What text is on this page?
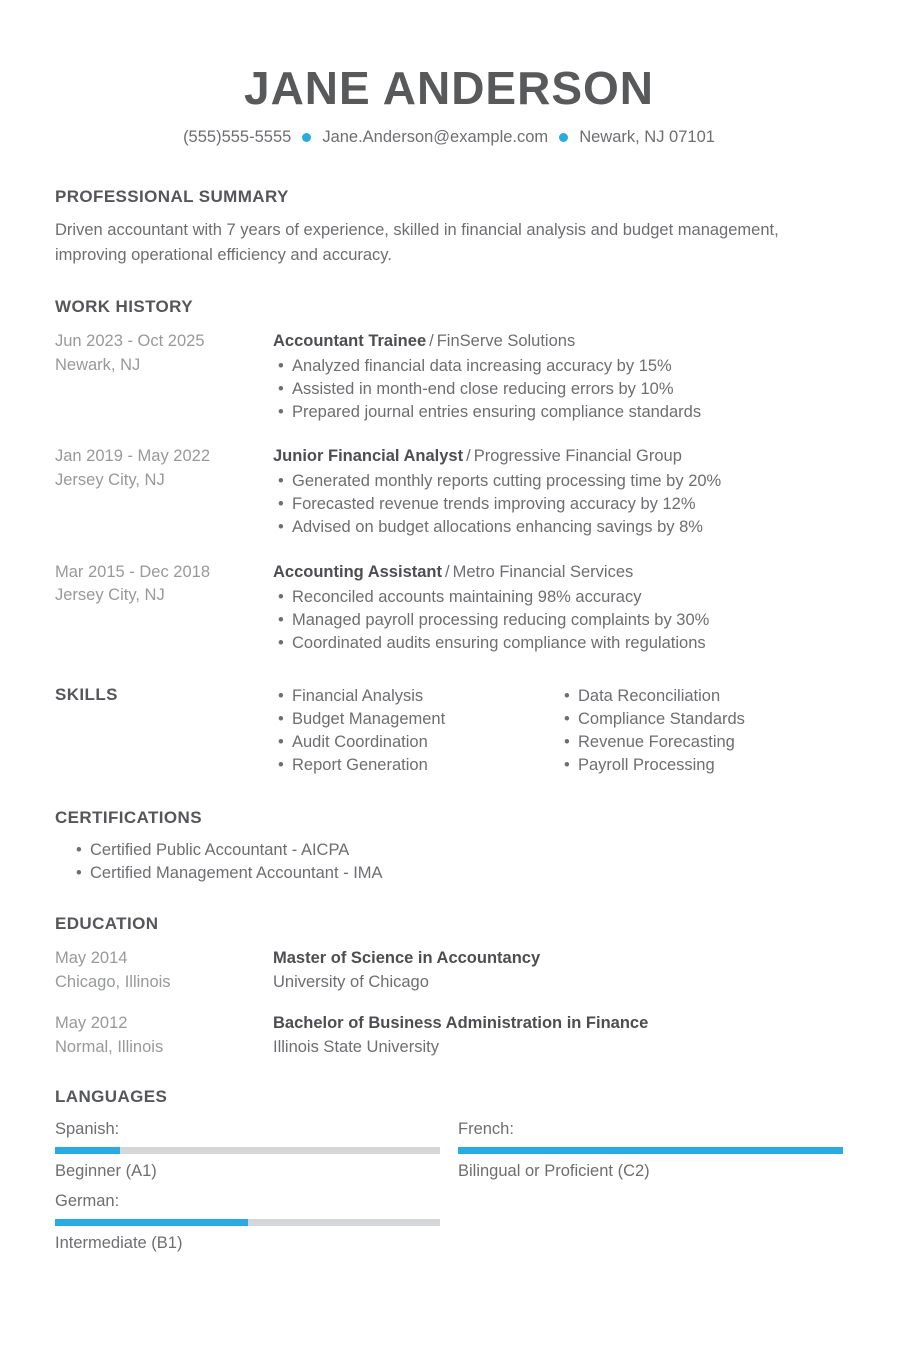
JANE ANDERSON
(555)555-5555 Jane.Anderson@example.com Newark, NJ 07101
PROFESSIONAL SUMMARY

Driven accountant with 7 years of experience, skilled in financial analysis and budget management, improving operational efficiency and accuracy.

WORK HISTORY
Jun 2023 - Oct 2025
Newark, NJ
Accountant Trainee / FinServe Solutions
• Analyzed financial data increasing accuracy by 15%
• Assisted in month-end close reducing errors by 10%
• Prepared journal entries ensuring compliance standards
Jan 2019 - May 2022
Jersey City, NJ
Junior Financial Analyst / Progressive Financial Group
• Generated monthly reports cutting processing time by 20%
• Forecasted revenue trends improving accuracy by 12%
• Advised on budget allocations enhancing savings by 8%
Mar 2015 - Dec 2018
Jersey City, NJ
Accounting Assistant / Metro Financial Services
• Reconciled accounts maintaining 98% accuracy
• Managed payroll processing reducing complaints by 30%
• Coordinated audits ensuring compliance with regulations
SKILLS	• Financial Analysis
• Budget Management
• Audit Coordination
• Report Generation
• Data Reconciliation
• Compliance Standards
• Revenue Forecasting
• Payroll Processing
CERTIFICATIONS
• Certified Public Accountant - AICPA
• Certified Management Accountant - IMA
EDUCATION
May 2014
Chicago, Illinois
Master of Science in Accountancy
University of Chicago
May 2012
Normal, Illinois
Bachelor of Business Administration in Finance
Illinois State University
LANGUAGES
Spanish:
Beginner (A1)
French:
Bilingual or Proficient (C2)
German:
Intermediate (B1)
